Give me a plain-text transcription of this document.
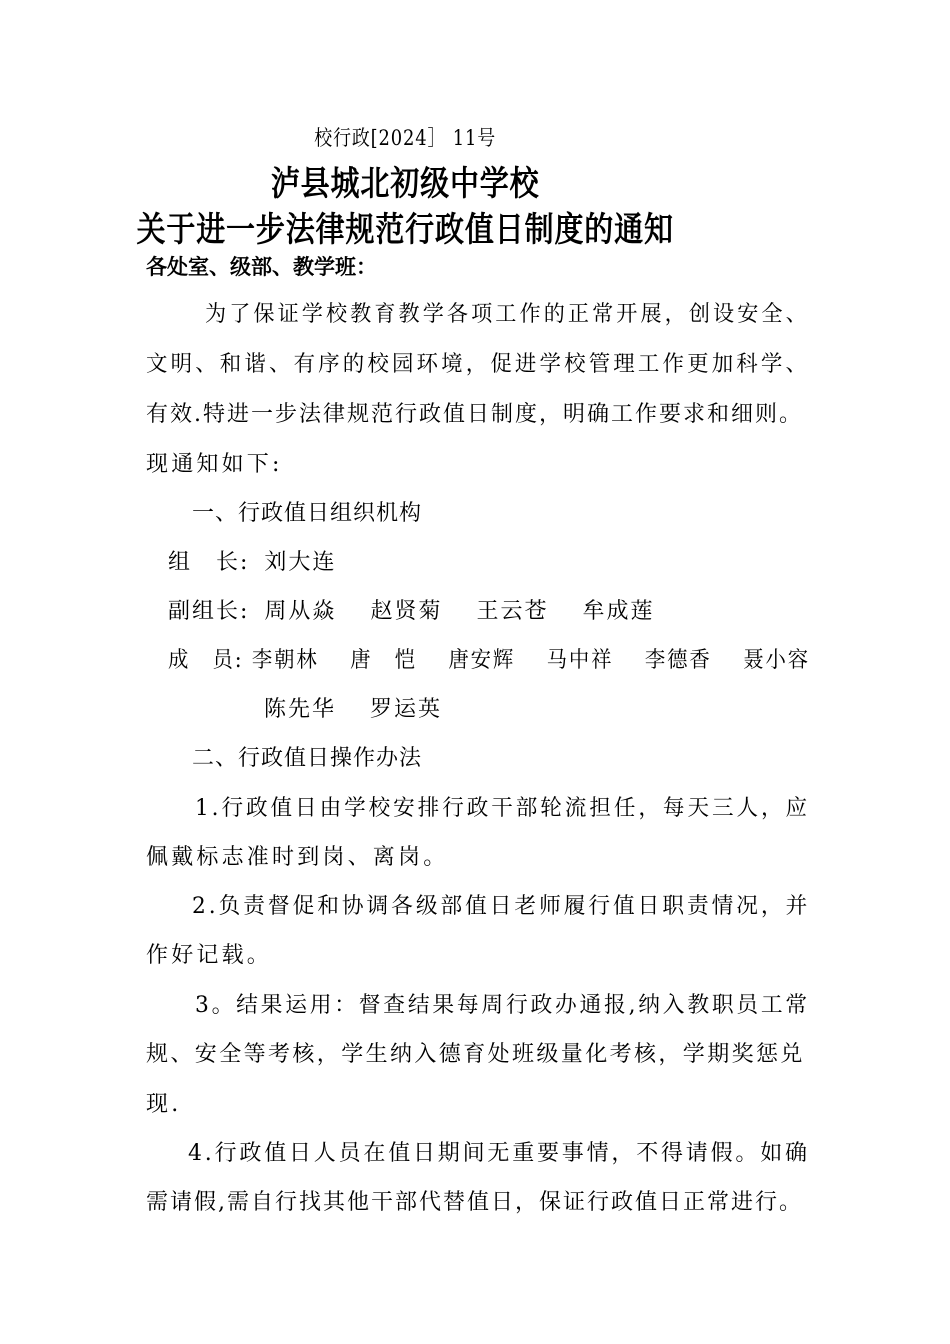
校行政[2024］ 11号
泸县城北初级中学校
关于进一步法律规范行政值日制度的通知
各处室、级部、教学班：
为了保证学校教育教学各项工作的正常开展，创设安全、
文明、和谐、有序的校园环境，促进学校管理工作更加科学、
有效.特进一步法律规范行政值日制度，明确工作要求和细则。
现通知如下:
一、行政值日组织机构
组　长: 刘大连
副组长: 周从焱 赵贤菊 王云苍 牟成莲
成　员: 李朝林 唐　恺 唐安辉 马中祥 李德香 聂小容
陈先华 罗运英
二、行政值日操作办法
1.行政值日由学校安排行政干部轮流担任，每天三人，应
佩戴标志准时到岗、离岗。
2.负责督促和协调各级部值日老师履行值日职责情况，并
作好记载。
3。结果运用：督查结果每周行政办通报,纳入教职员工常
规、安全等考核，学生纳入德育处班级量化考核，学期奖惩兑
现.
4.行政值日人员在值日期间无重要事情，不得请假。如确
需请假,需自行找其他干部代替值日，保证行政值日正常进行。
